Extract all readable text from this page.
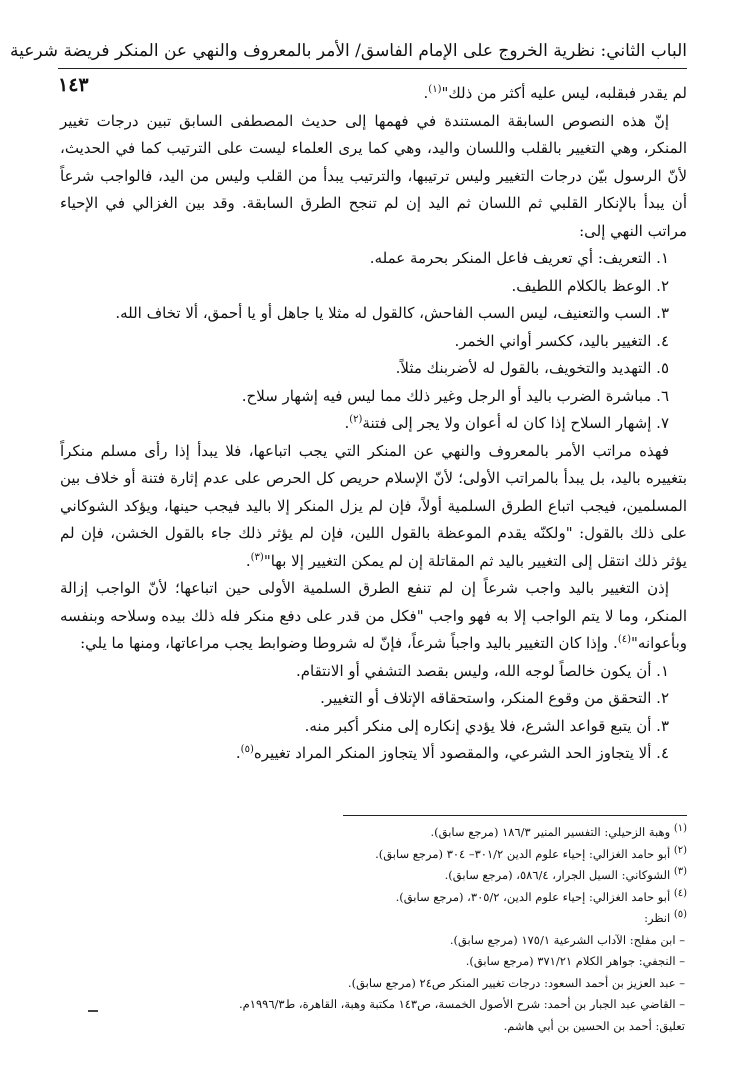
الباب الثاني: نظرية الخروج على الإمام الفاسق/ الأمر بالمعروف والنهي عن المنكر فريضة شرعية
١٤٣	لم يقدر فبقلبه، ليس عليه أكثر من ذلك"$^{(١)}$.

إنّ هذه النصوص السابقة المستندة في فهمها إلى حديث المصطفى السابق تبين درجات تغيير المنكر، وهي التغيير بالقلب واللسان واليد، وهي كما يرى العلماء ليست على الترتيب كما في الحديث، لأنّ الرسول بيّن درجات التغيير وليس ترتيبها، والترتيب يبدأ من القلب وليس من اليد، فالواجب شرعاً أن يبدأ بالإنكار القلبي ثم اللسان ثم اليد إن لم تنجح الطرق السابقة. وقد بين الغزالي في الإحياء مراتب النهي إلى:

١. التعريف: أي تعريف فاعل المنكر بحرمة عمله.
٢. الوعظ بالكلام اللطيف.
٣. السب والتعنيف، ليس السب الفاحش، كالقول له مثلا يا جاهل أو يا أحمق، ألا تخاف الله.
٤. التغيير باليد، ككسر أواني الخمر.
٥. التهديد والتخويف، بالقول له لأضربنك مثلاً.
٦. مباشرة الضرب باليد أو الرجل وغير ذلك مما ليس فيه إشهار سلاح.
٧. إشهار السلاح إذا كان له أعوان ولا يجر إلى فتنة$^{(٢)}$.

فهذه مراتب الأمر بالمعروف والنهي عن المنكر التي يجب اتباعها، فلا يبدأ إذا رأى مسلم منكراً بتغييره باليد، بل يبدأ بالمراتب الأولى؛ لأنّ الإسلام حريص كل الحرص على عدم إثارة فتنة أو خلاف بين المسلمين، فيجب اتباع الطرق السلمية أولاً، فإن لم يزل المنكر إلا باليد فيجب حينها، ويؤكد الشوكاني على ذلك بالقول: "ولكنّه يقدم الموعظة بالقول اللين، فإن لم يؤثر ذلك جاء بالقول الخشن، فإن لم يؤثر ذلك انتقل إلى التغيير باليد ثم المقاتلة إن لم يمكن التغيير إلا بها"$^{(٣)}$.

إذن التغيير باليد واجب شرعاً إن لم تنفع الطرق السلمية الأولى حين اتباعها؛ لأنّ الواجب إزالة المنكر، وما لا يتم الواجب إلا به فهو واجب "فكل من قدر على دفع منكر فله ذلك بيده وسلاحه وبنفسه وبأعوانه"$^{(٤)}$. وإذا كان التغيير باليد واجباً شرعاً، فإنّ له شروطا وضوابط يجب مراعاتها، ومنها ما يلي:

١. أن يكون خالصاً لوجه الله، وليس بقصد التشفي أو الانتقام.
٢. التحقق من وقوع المنكر، واستحقاقه الإتلاف أو التغيير.
٣. أن يتبع قواعد الشرع، فلا يؤدي إنكاره إلى منكر أكبر منه.
٤. ألا يتجاوز الحد الشرعي، والمقصود ألا يتجاوز المنكر المراد تغييره$^{(٥)}$.

$^{(١)}$ وهبة الزحيلي: التفسير المنير ١٨٦/٣ (مرجع سابق).

$^{(٢)}$ أبو حامد الغزالي: إحياء علوم الدين ٣٠١/٢– ٣٠٤ (مرجع سابق).

$^{(٣)}$ الشوكاني: السيل الجرار، ٥٨٦/٤، (مرجع سابق).

$^{(٤)}$ أبو حامد الغزالي: إحياء علوم الدين، ٣٠٥/٢، (مرجع سابق).

$^{(٥)}$ انظر:

– ابن مفلح: الآداب الشرعية ١٧٥/١ (مرجع سابق).

– النجفي: جواهر الكلام ٣٧١/٢١ (مرجع سابق).

– عبد العزيز بن أحمد السعود: درجات تغيير المنكر ص٢٤ (مرجع سابق).

– القاضي عبد الجبار بن أحمد: شرح الأصول الخمسة، ص١٤٣ مكتبة وهبة، القاهرة، ط١٩٩٦/٣م.

تعليق: أحمد بن الحسين بن أبي هاشم.
